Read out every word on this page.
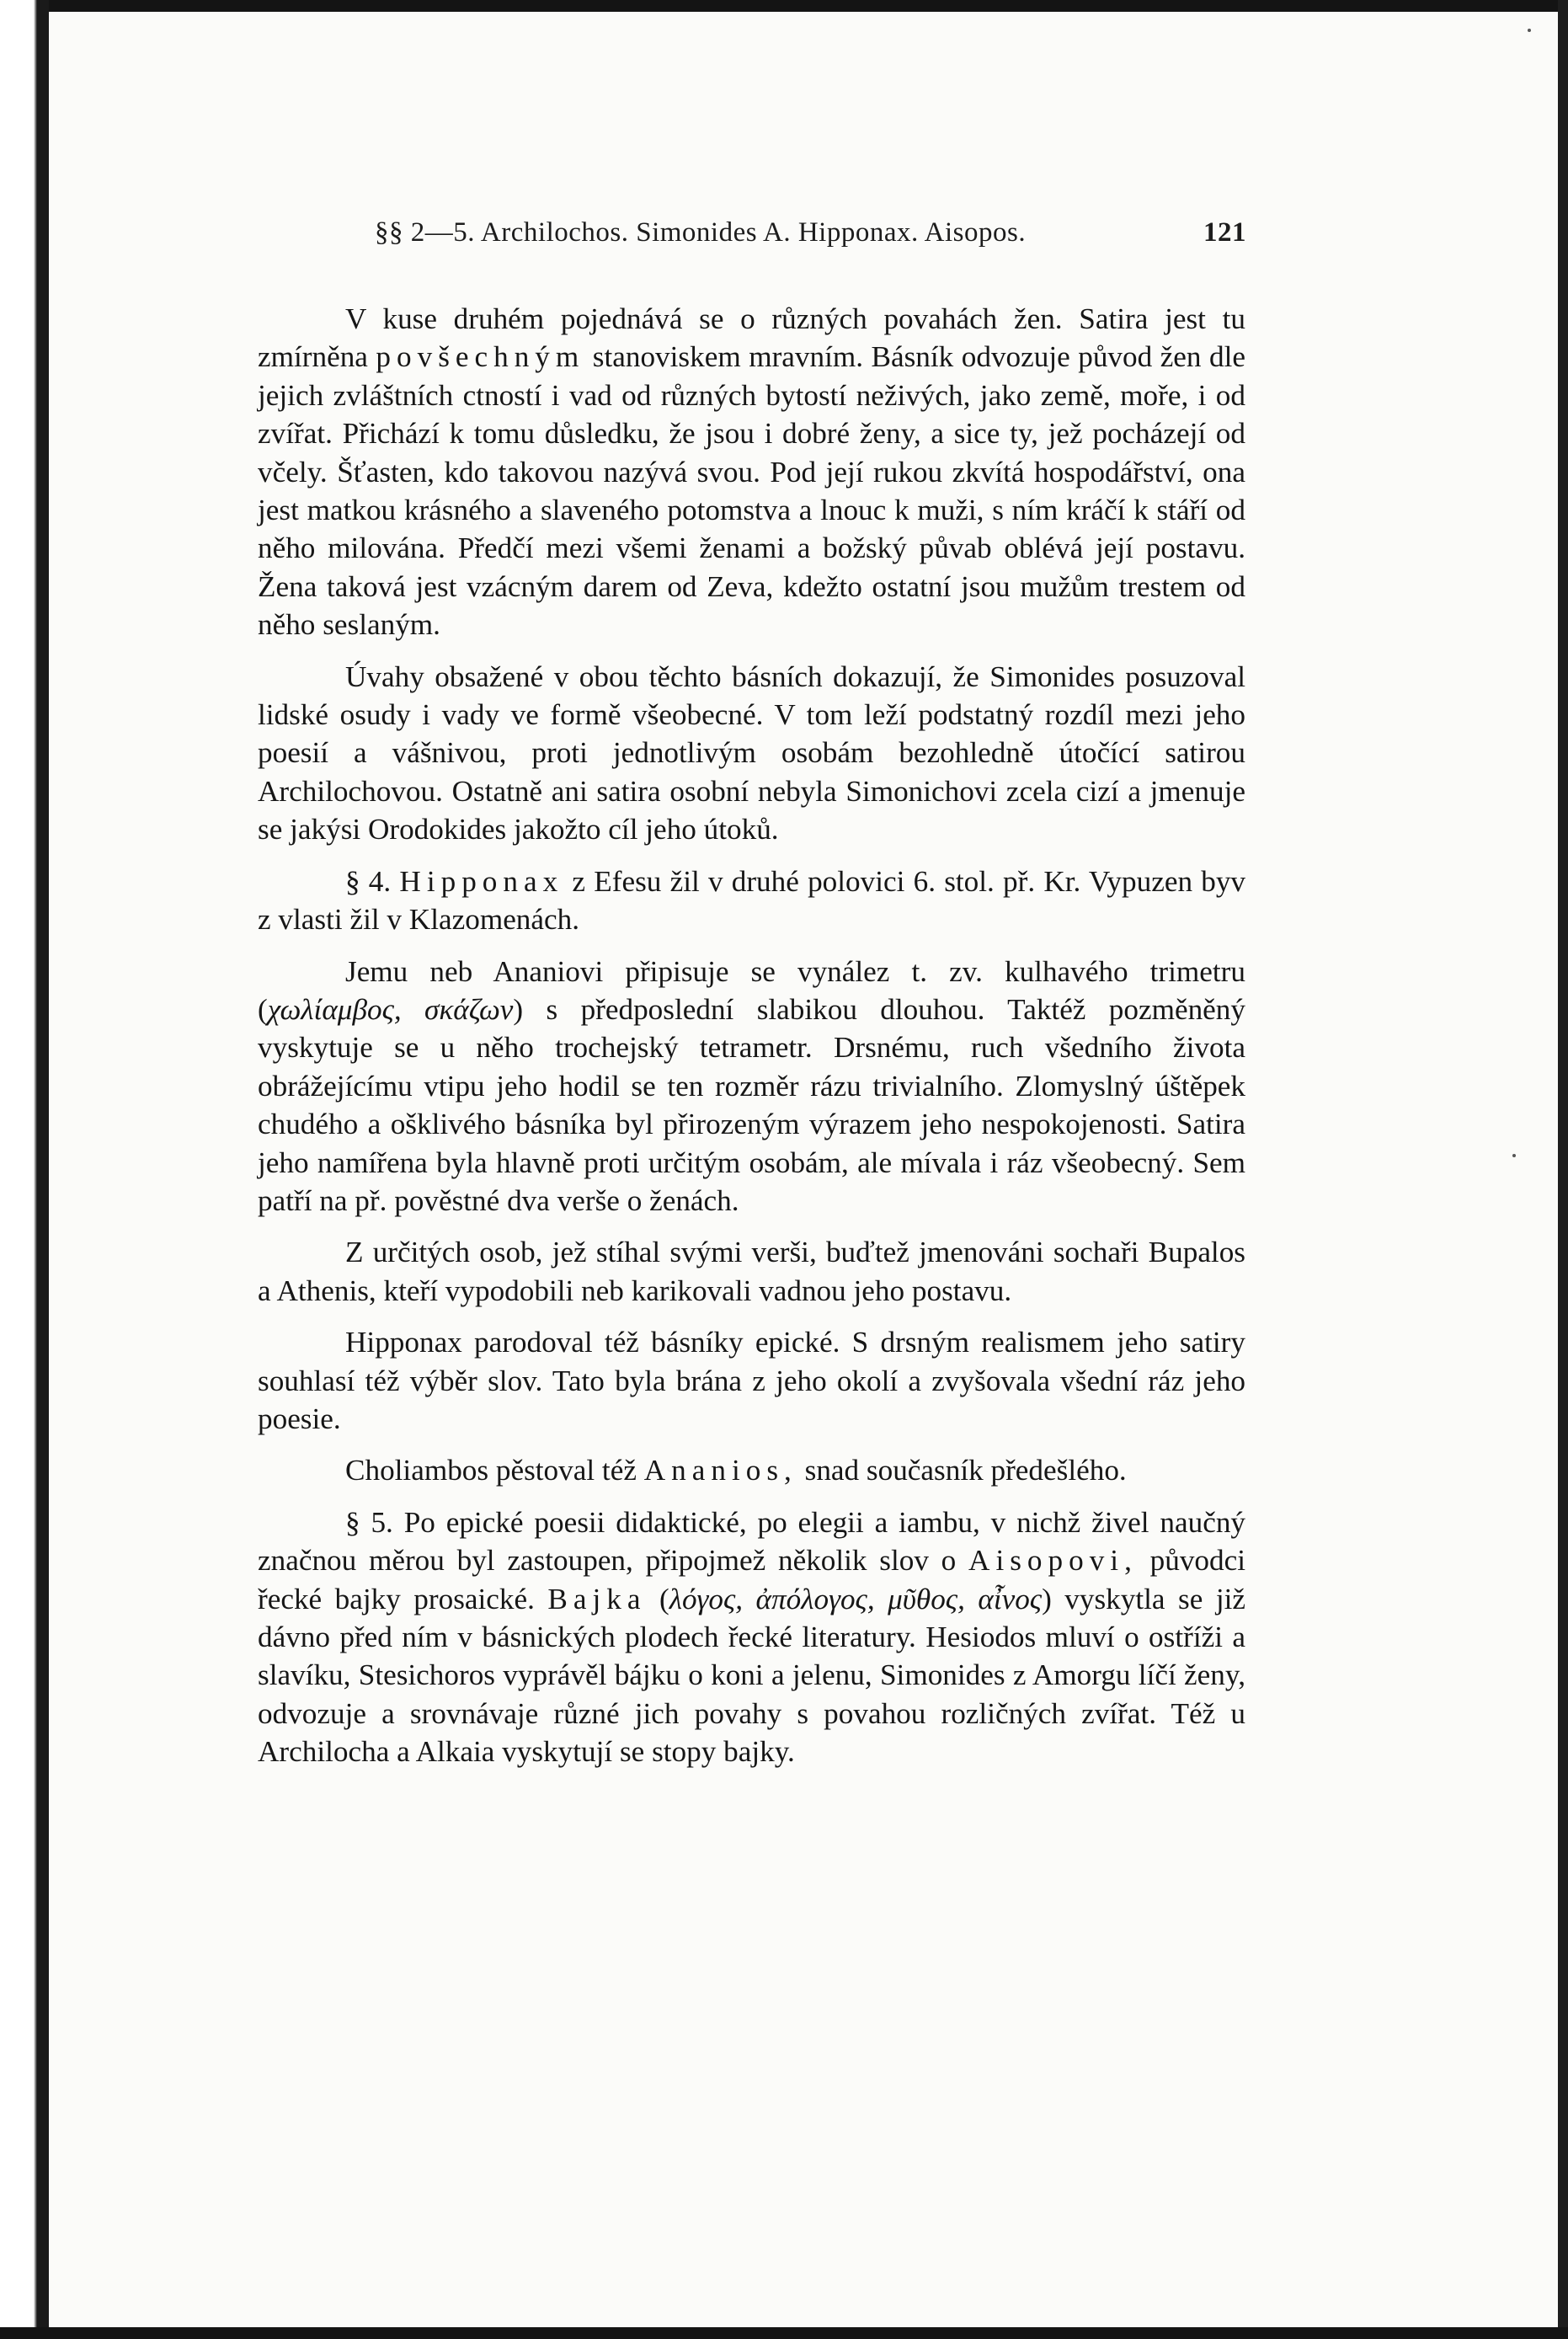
§§ 2—5. Archilochos. Simonides A. Hipponax. Aisopos.	121

V kuse druhém pojednává se o různých povahách žen. Satira jest tu zmírněna povšechným stanoviskem mravním. Básník odvozuje původ žen dle jejich zvláštních ctností i vad od různých bytostí neživých, jako země, moře, i od zvířat. Přichází k tomu důsledku, že jsou i dobré ženy, a sice ty, jež pocházejí od včely. Šťasten, kdo takovou nazývá svou. Pod její rukou zkvítá hospodářství, ona jest matkou krásného a slaveného potomstva a lnouc k muži, s ním kráčí k stáří od něho milována. Předčí mezi všemi ženami a božský půvab oblévá její postavu. Žena taková jest vzácným darem od Zeva, kdežto ostatní jsou mužům trestem od něho seslaným.

Úvahy obsažené v obou těchto básních dokazují, že Simonides posuzoval lidské osudy i vady ve formě všeobecné. V tom leží podstatný rozdíl mezi jeho poesií a vášnivou, proti jednotlivým osobám bezohledně útočící satirou Archilochovou. Ostatně ani satira osobní nebyla Simonichovi zcela cizí a jmenuje se jakýsi Orodokides jakožto cíl jeho útoků.

§ 4. Hipponax z Efesu žil v druhé polovici 6. stol. př. Kr. Vypuzen byv z vlasti žil v Klazomenách.

Jemu neb Ananiovi připisuje se vynález t. zv. kulhavého trimetru (χωλίαμβος, σκάζων) s předposlední slabikou dlouhou. Taktéž pozměněný vyskytuje se u něho trochejský tetrametr. Drsnému, ruch všedního života obrážejícímu vtipu jeho hodil se ten rozměr rázu trivialního. Zlomyslný úštěpek chudého a ošklivého básníka byl přirozeným výrazem jeho nespokojenosti. Satira jeho namířena byla hlavně proti určitým osobám, ale mívala i ráz všeobecný. Sem patří na př. pověstné dva verše o ženách.

Z určitých osob, jež stíhal svými verši, buďtež jmenováni sochaři Bupalos a Athenis, kteří vypodobili neb karikovali vadnou jeho postavu.

Hipponax parodoval též básníky epické. S drsným realismem jeho satiry souhlasí též výběr slov. Tato byla brána z jeho okolí a zvyšovala všední ráz jeho poesie.

Choliambos pěstoval též Ananios, snad současník předešlého.

§ 5. Po epické poesii didaktické, po elegii a iambu, v nichž živel naučný značnou měrou byl zastoupen, připojmež několik slov o Aisopovi, původci řecké bajky prosaické. Bajka (λόγος, ἀπόλογος, μῦθος, αἶνος) vyskytla se již dávno před ním v básnických plodech řecké literatury. Hesiodos mluví o ostříži a slavíku, Stesichoros vyprávěl bájku o koni a jelenu, Simonides z Amorgu líčí ženy, odvozuje a srovnávaje různé jich povahy s povahou rozličných zvířat. Též u Archilocha a Alkaia vyskytují se stopy bajky.
